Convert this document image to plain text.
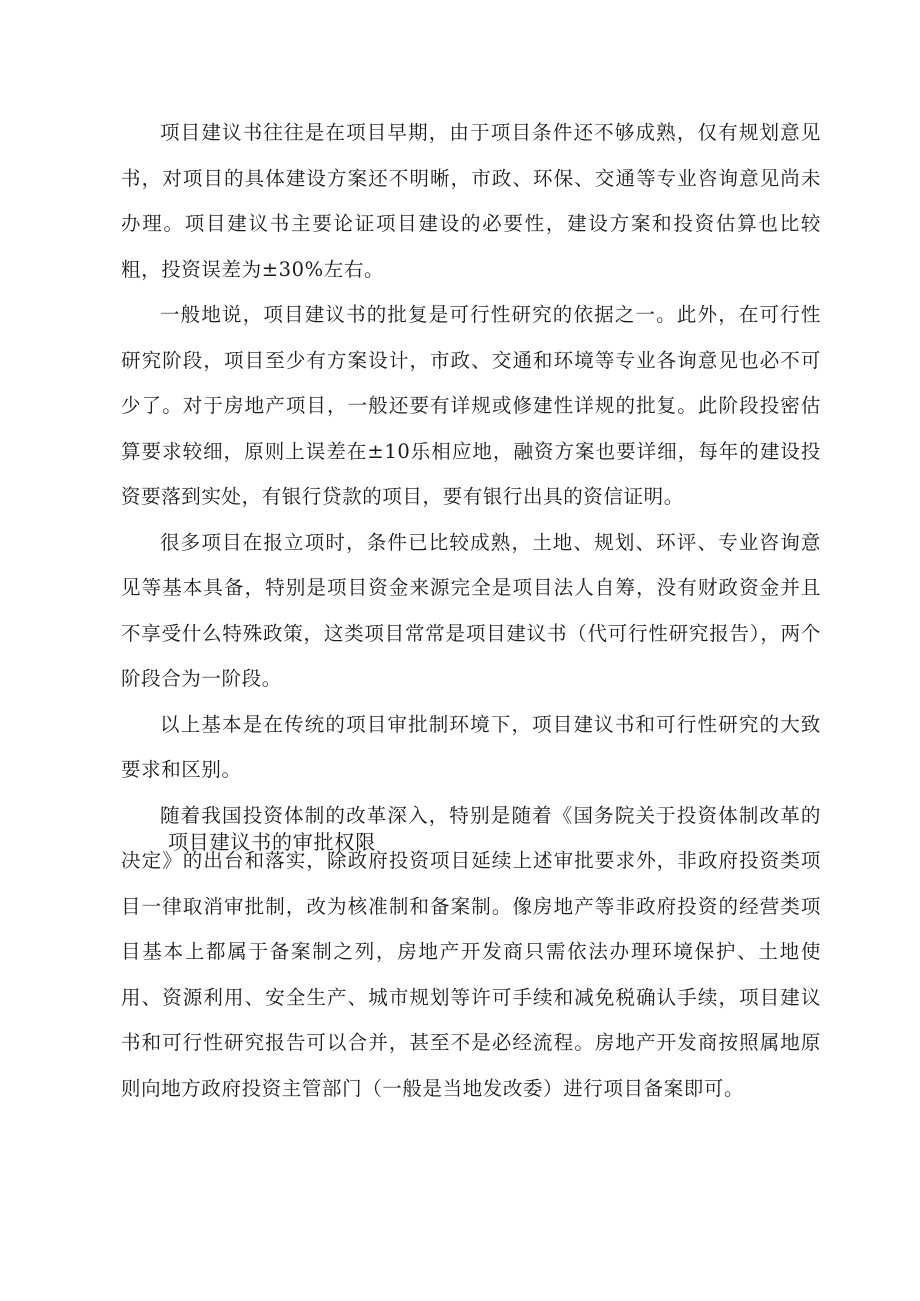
项目建议书往往是在项目早期，由于项目条件还不够成熟，仅有规划意见书，对项目的具体建设方案还不明晰，市政、环保、交通等专业咨询意见尚未办理。项目建议书主要论证项目建设的必要性，建设方案和投资估算也比较粗，投资误差为±30%左右。

一般地说，项目建议书的批复是可行性研究的依据之一。此外，在可行性研究阶段，项目至少有方案设计，市政、交通和环境等专业各询意见也必不可少了。对于房地产项目，一般还要有详规或修建性详规的批复。此阶段投密估算要求较细，原则上误差在±10乐相应地，融资方案也要详细，每年的建设投资要落到实处，有银行贷款的项目，要有银行出具的资信证明。

很多项目在报立项时，条件已比较成熟，土地、规划、环评、专业咨询意见等基本具备，特别是项目资金来源完全是项目法人自筹，没有财政资金并且不享受什么特殊政策，这类项目常常是项目建议书（代可行性研究报告），两个阶段合为一阶段。

以上基本是在传统的项目审批制环境下，项目建议书和可行性研究的大致要求和区别。

随着我国投资体制的改革深入，特别是随着《国务院关于投资体制改革的决定》的出台和落实，除政府投资项目延续上述审批要求外，非政府投资类项目一律取消审批制，改为核准制和备案制。像房地产等非政府投资的经营类项目基本上都属于备案制之列，房地产开发商只需依法办理环境保护、土地使用、资源利用、安全生产、城市规划等许可手续和减免税确认手续，项目建议书和可行性研究报告可以合并，甚至不是必经流程。房地产开发商按照属地原则向地方政府投资主管部门（一般是当地发改委）进行项目备案即可。

项目建议书的审批权限
